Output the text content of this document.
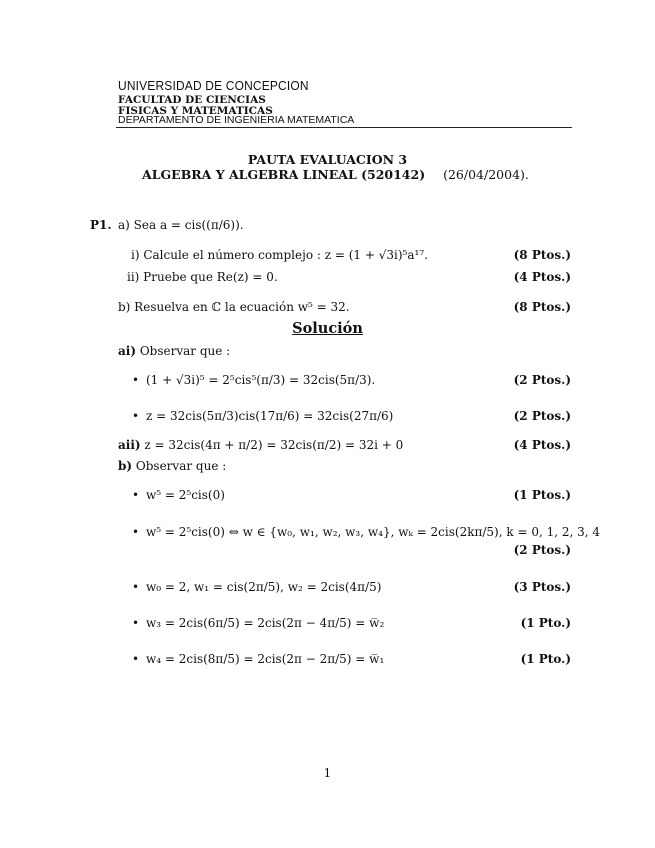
UNIVERSIDAD DE CONCEPCION
FACULTAD DE CIENCIAS
FISICAS Y MATEMATICAS
DEPARTAMENTO DE INGENIERIA MATEMATICA
PAUTA EVALUACION 3
ALGEBRA Y ALGEBRA LINEAL (520142) (26/04/2004).
P1. a) Sea a = cis((π/6)).
i) Calcule el número complejo : z = (1 + √3i)⁵a¹⁷.	(8 Ptos.)
ii) Pruebe que Re(z) = 0.	(4 Ptos.)
b) Resuelva en ℂ la ecuación w⁵ = 32.	(8 Ptos.)
Solución
ai) Observar que :
• (1 + √3i)⁵ = 2⁵cis⁵(π/3) = 32cis(5π/3).	(2 Ptos.)
• z = 32cis(5π/3)cis(17π/6) = 32cis(27π/6)	(2 Ptos.)
aii) z = 32cis(4π + π/2) = 32cis(π/2) = 32i + 0	(4 Ptos.)
b) Observar que :
• w⁵ = 2⁵cis(0)	(1 Ptos.)
• w⁵ = 2⁵cis(0) ⇔ w ∈ {w₀, w₁, w₂, w₃, w₄}, wₖ = 2cis(2kπ/5), k = 0, 1, 2, 3, 4
(2 Ptos.)
• w₀ = 2, w₁ = cis(2π/5), w₂ = 2cis(4π/5)	(3 Ptos.)
• w₃ = 2cis(6π/5) = 2cis(2π − 4π/5) = w̅₂	(1 Pto.)
• w₄ = 2cis(8π/5) = 2cis(2π − 2π/5) = w̅₁	(1 Pto.)
1
